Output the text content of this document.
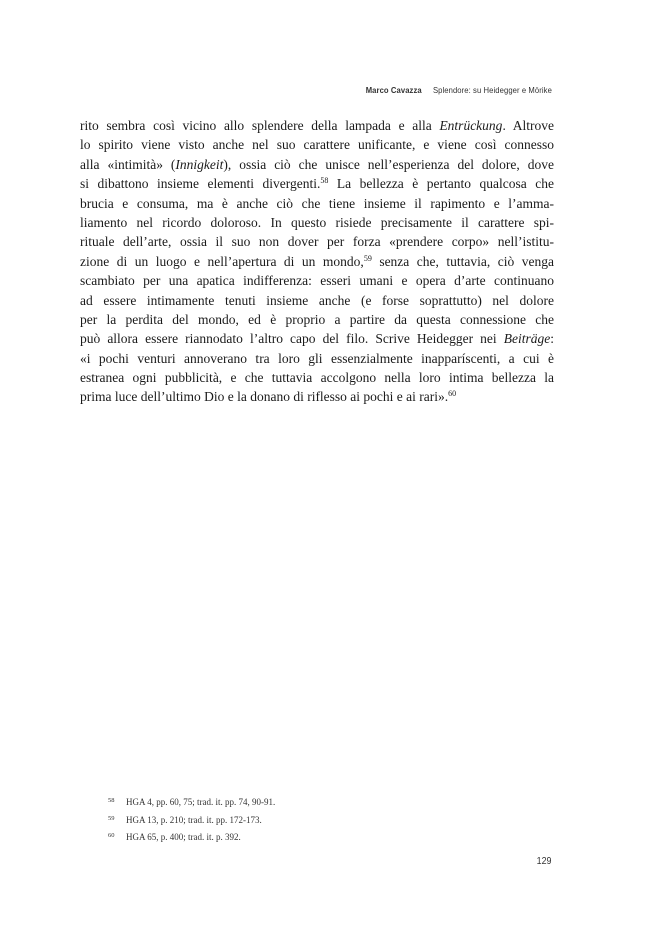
Marco Cavazza Splendore: su Heidegger e Mörike
rito sembra così vicino allo splendere della lampada e alla Entrückung. Altrove
lo spirito viene visto anche nel suo carattere unificante, e viene così connesso
alla «intimità» (Innigkeit), ossia ciò che unisce nell’esperienza del dolore, dove
si dibattono insieme elementi divergenti.$^{58}$ La bellezza è pertanto qualcosa che
brucia e consuma, ma è anche ciò che tiene insieme il rapimento e l’amma-
liamento nel ricordo doloroso. In questo risiede precisamente il carattere spi-
rituale dell’arte, ossia il suo non dover per forza «prendere corpo» nell’istitu-
zione di un luogo e nell’apertura di un mondo,$^{59}$ senza che, tuttavia, ciò venga
scambiato per una apatica indifferenza: esseri umani e opera d’arte continuano
ad essere intimamente tenuti insieme anche (e forse soprattutto) nel dolore
per la perdita del mondo, ed è proprio a partire da questa connessione che
può allora essere riannodato l’altro capo del filo. Scrive Heidegger nei Beiträge:
«i pochi venturi annoverano tra loro gli essenzialmente inapparíscenti, a cui è
estranea ogni pubblicità, e che tuttavia accolgono nella loro intima bellezza la
prima luce dell’ultimo Dio e la donano di riflesso ai pochi e ai rari».$^{60}$
58 HGA 4, pp. 60, 75; trad. it. pp. 74, 90-91.
59 HGA 13, p. 210; trad. it. pp. 172-173.
60 HGA 65, p. 400; trad. it. p. 392.
129
